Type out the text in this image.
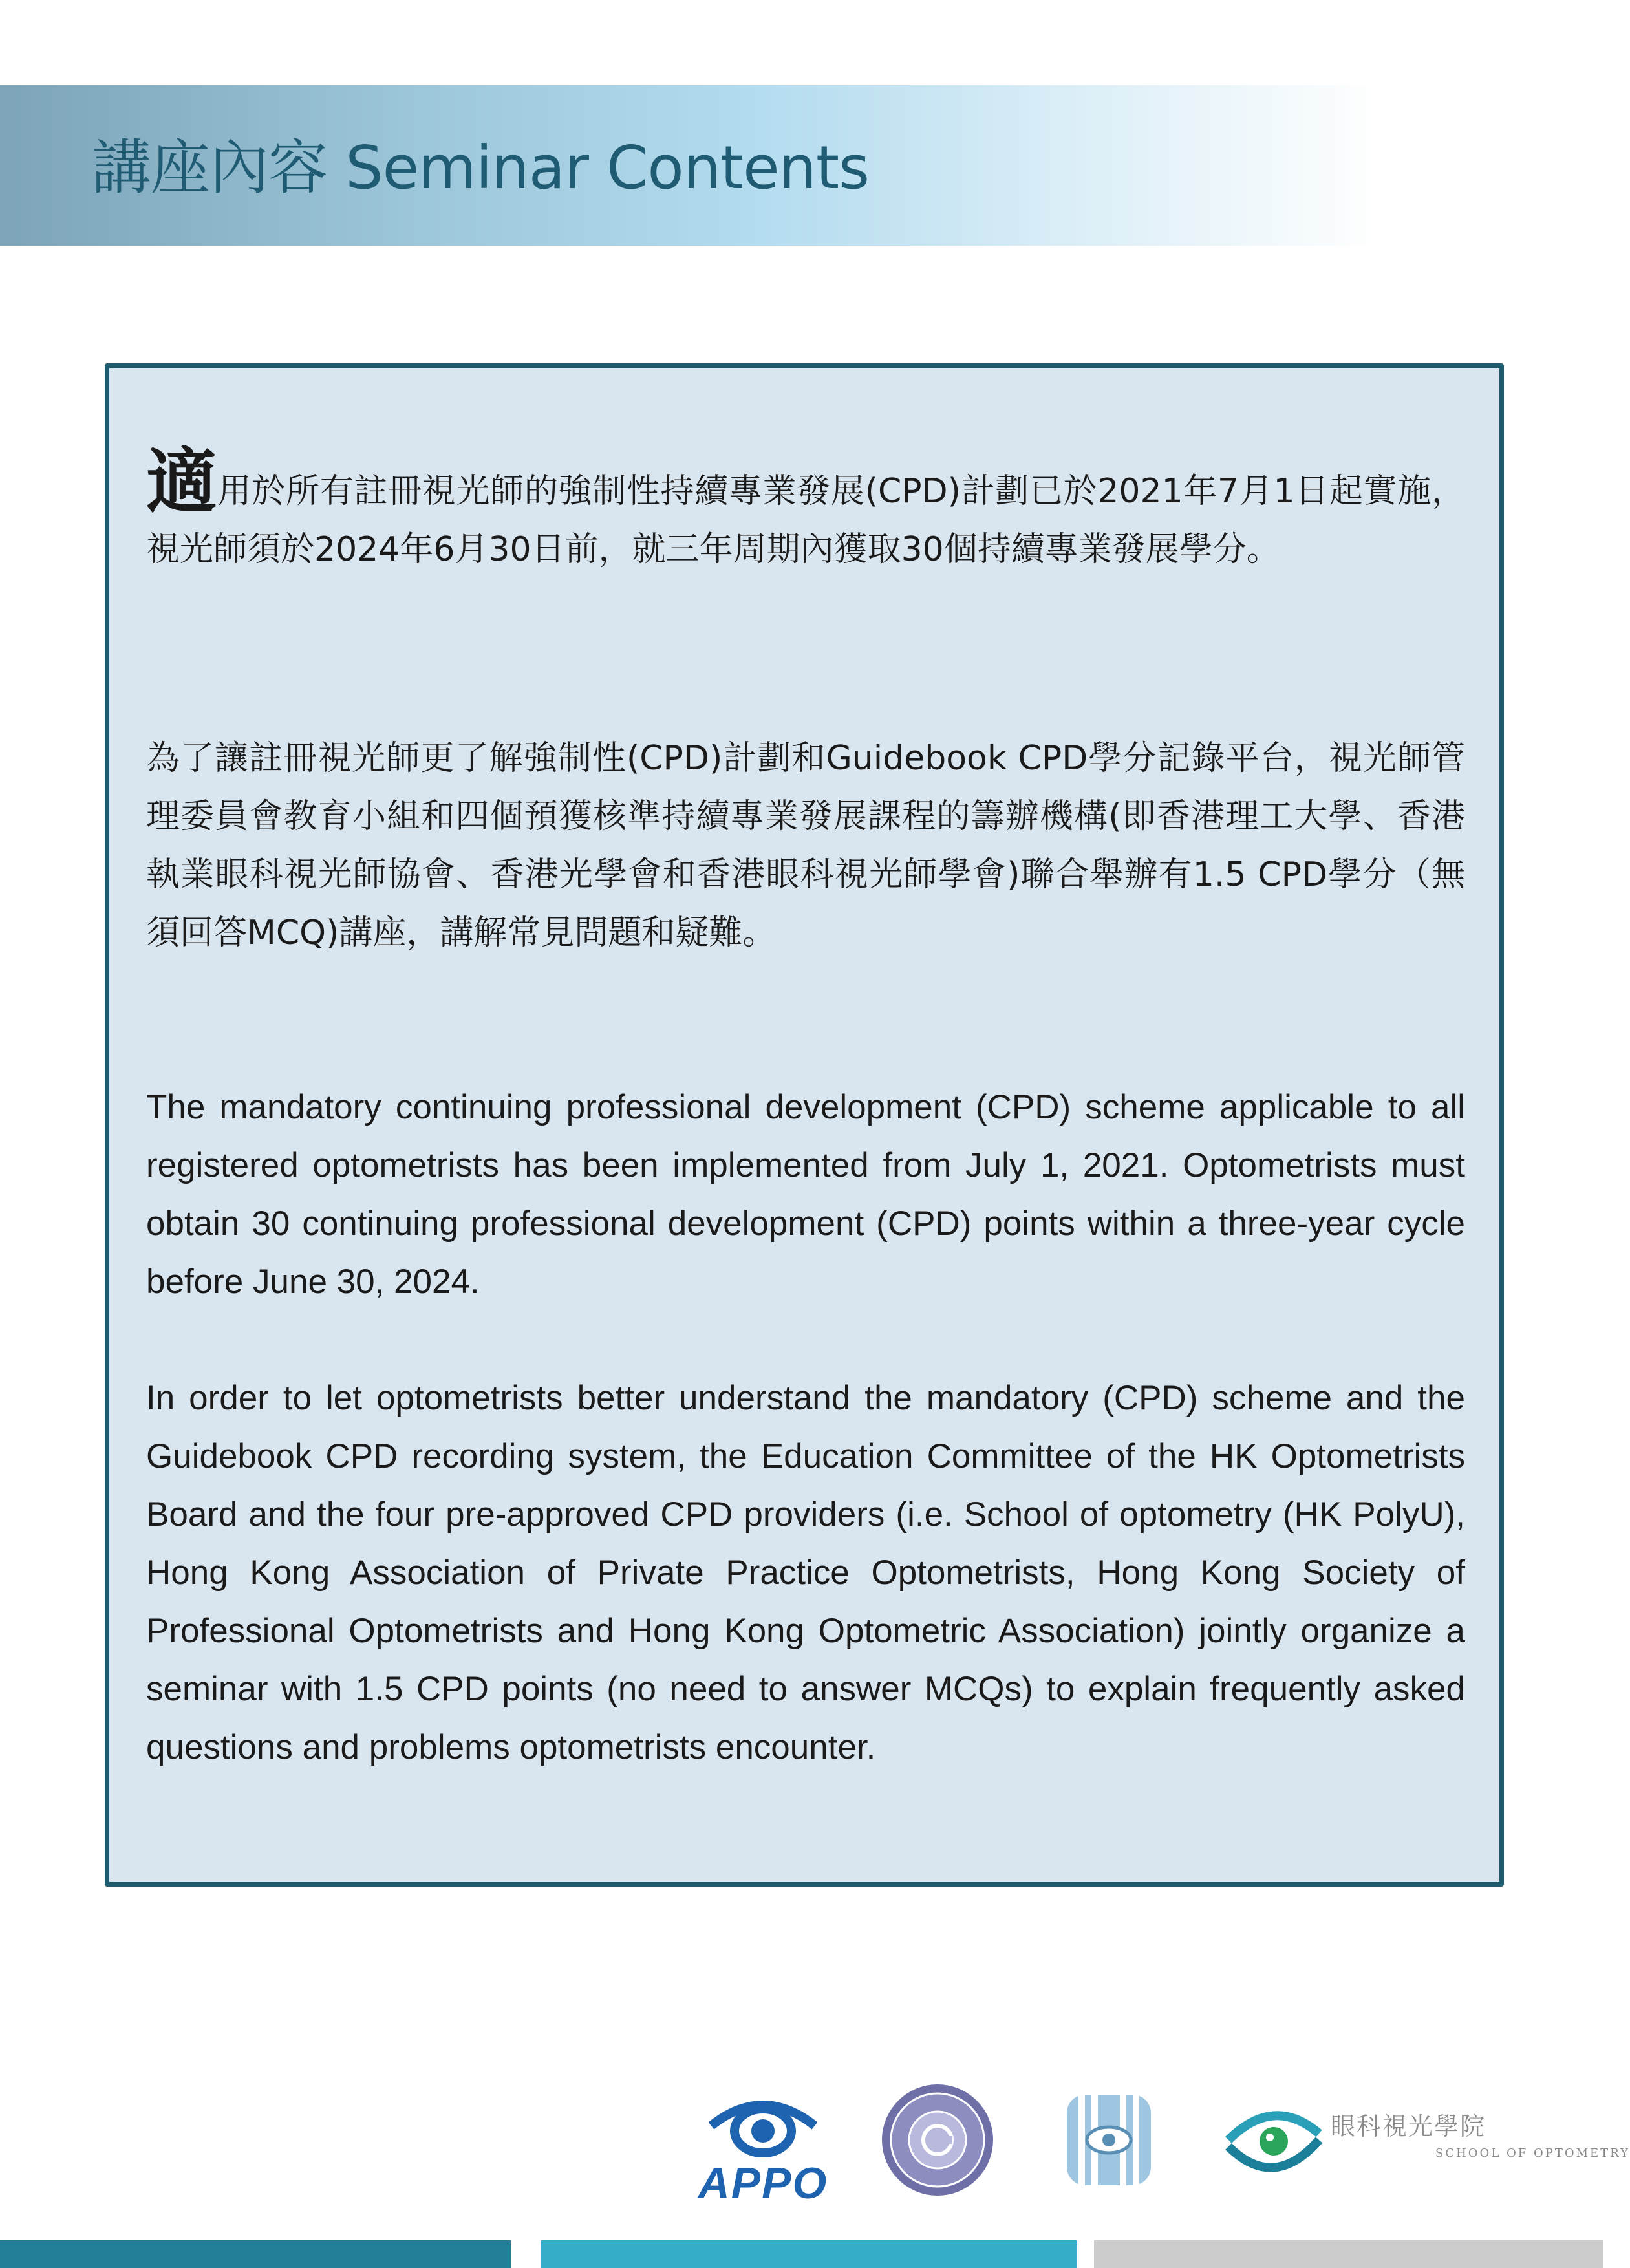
講座內容 Seminar Contents

適用於所有註冊視光師的強制性持續專業發展(CPD)計劃已於2021年7月1日起實施，視光師須於2024年6月30日前，就三年周期內獲取30個持續專業發展學分。

為了讓註冊視光師更了解強制性(CPD)計劃和Guidebook CPD學分記錄平台，視光師管理委員會教育小組和四個預獲核準持續專業發展課程的籌辦機構(即香港理工大學、香港執業眼科視光師協會、香港光學會和香港眼科視光師學會)聯合舉辦有1.5 CPD學分（無須回答MCQ)講座，講解常見問題和疑難。

The mandatory continuing professional development (CPD) scheme applicable to all registered optometrists has been implemented from July 1, 2021. Optometrists must obtain 30 continuing professional development (CPD) points within a three-year cycle before June 30, 2024.

In order to let optometrists better understand the mandatory (CPD) scheme and the Guidebook CPD recording system, the Education Committee of the HK Optometrists Board and the four pre-approved CPD providers (i.e. School of optometry (HK PolyU), Hong Kong Association of Private Practice Optometrists, Hong Kong Society of Professional Optometrists and Hong Kong Optometric Association) jointly organize a seminar with 1.5 CPD points (no need to answer MCQs) to explain frequently asked questions and problems optometrists encounter.

APPO
眼科視光學院
SCHOOL OF OPTOMETRY
